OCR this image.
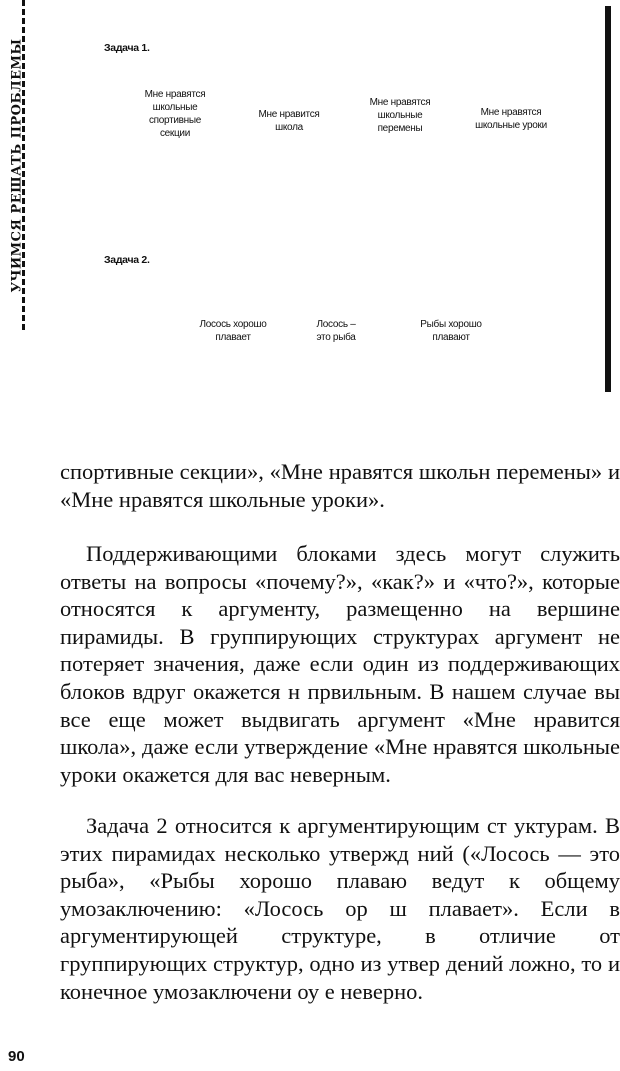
УЧИМСЯ РЕШАТЬ ПРОБЛЕМЫ	Задача 1.
Мне нравятся
школьные
спортивные
секции
Мне нравится
школа
Мне нравятся
школьные
перемены
Мне нравятся
школьные уроки
Задача 2.
Лосось хорошо
плавает
Лосось –
это рыба
Рыбы хорошо
плавают

спортивные секции», «Мне нравятся школьн перемены» и «Мне нравятся школьные уроки».

Поддерживающими блоками здесь могут служить ответы на вопросы «почему?», «как?» и «что?», которые относятся к аргументу, размещенно на вершине пирамиды. В группирующих структурах аргумент не потеряет значения, даже если один из поддерживающих блоков вдруг окажется н првильным. В нашем случае вы все еще может выдвигать аргумент «Мне нравится школа», даже если утверждение «Мне нравятся школьные уроки окажется для вас неверным.

Задача 2 относится к аргументирующим ст уктурам. В этих пирамидах несколько утвержд ний («Лосось — это рыба», «Рыбы хорошо плаваю ведут к общему умозаключению: «Лосось ор ш плавает». Если в аргументирующей структуре, в отличие от группирующих структур, одно из утвер дений ложно, то и конечное умозаключени оу е неверно.

90
